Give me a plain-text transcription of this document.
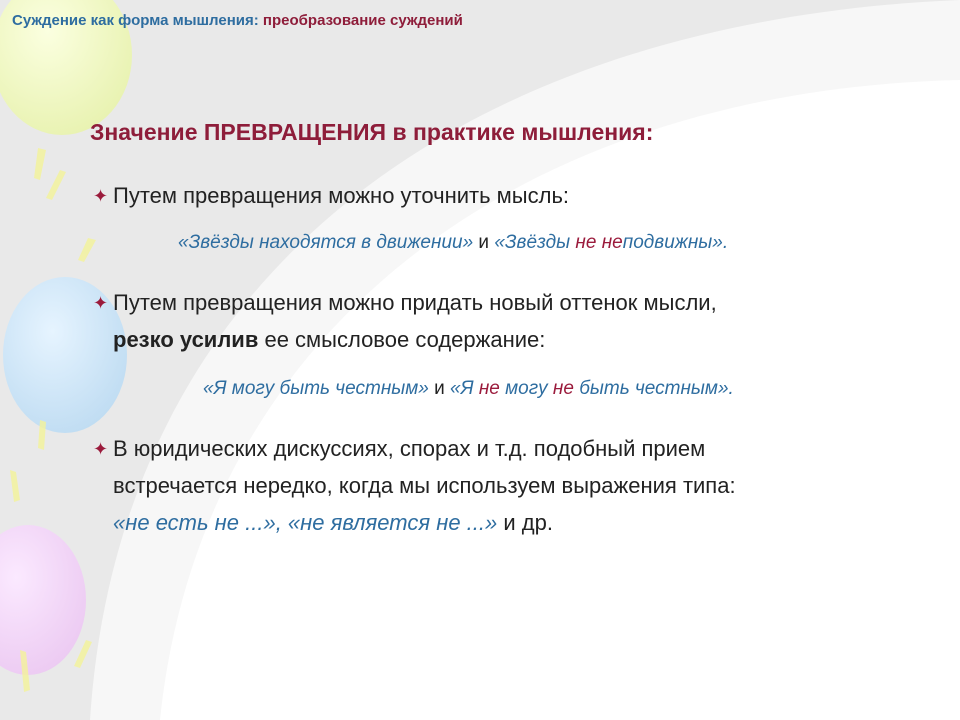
Суждение как форма мышления: преобразование суждений
Значение ПРЕВРАЩЕНИЯ в практике мышления:
✦ Путем превращения можно уточнить мысль:
«Звёзды находятся в движении» и «Звёзды не неподвижны».
✦ Путем превращения можно придать новый оттенок мысли,
резко усилив ее смысловое содержание:
«Я могу быть честным» и «Я не могу не быть честным».
✦ В юридических дискуссиях, спорах и т.д. подобный прием
встречается нередко, когда мы используем выражения типа:
«не есть не ...», «не является не ...» и др.
